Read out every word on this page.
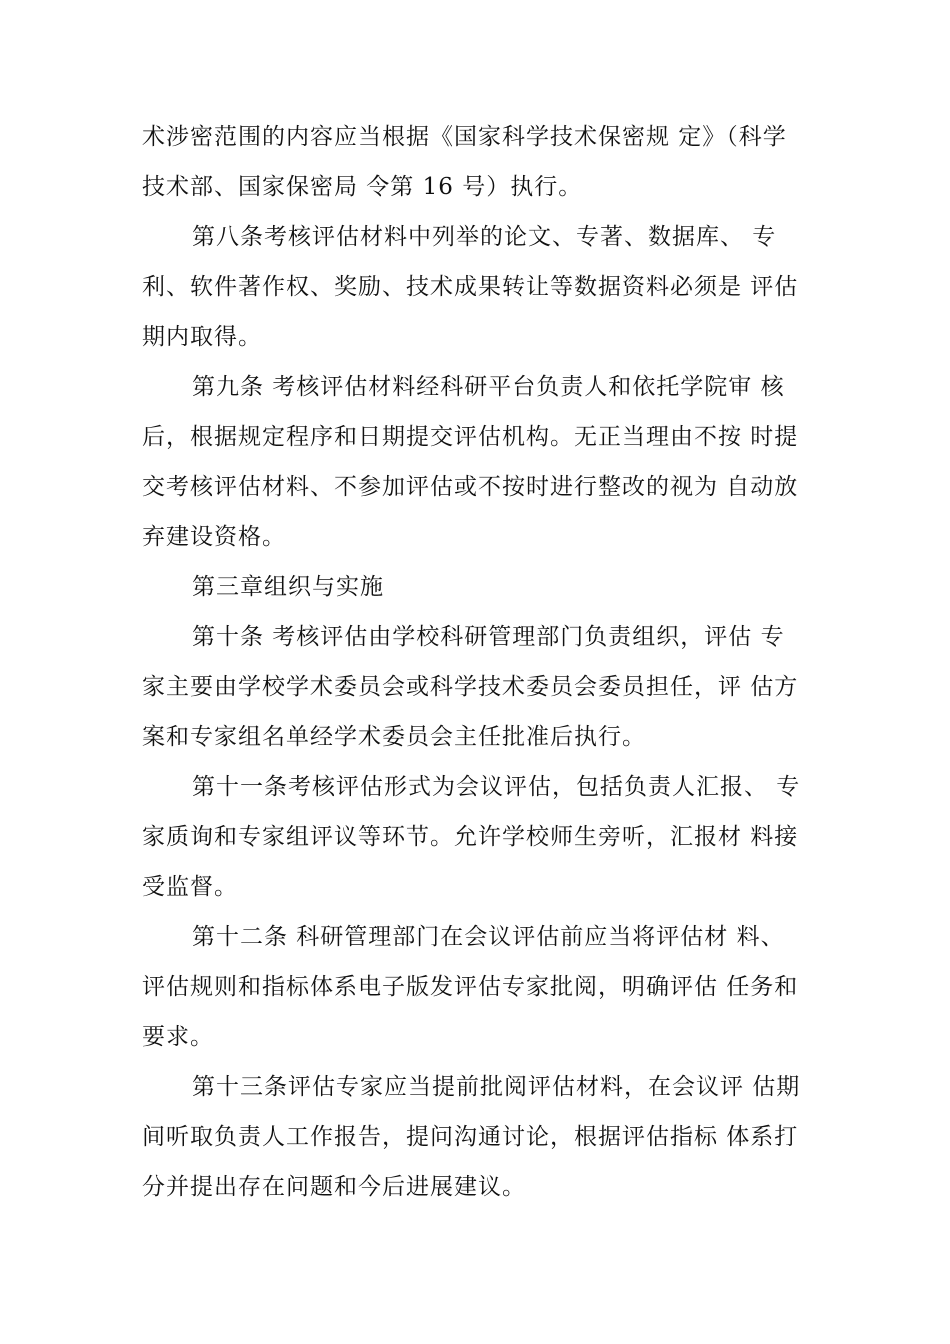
术涉密范围的内容应当根据《国家科学技术保密规 定》（科学
技术部、国家保密局 令第 16 号）执行。
第八条考核评估材料中列举的论文、专著、数据库、 专
利、软件著作权、奖励、技术成果转让等数据资料必须是 评估
期内取得。
第九条 考核评估材料经科研平台负责人和依托学院审 核
后，根据规定程序和日期提交评估机构。无正当理由不按 时提
交考核评估材料、不参加评估或不按时进行整改的视为 自动放
弃建设资格。
第三章组织与实施
第十条 考核评估由学校科研管理部门负责组织，评估 专
家主要由学校学术委员会或科学技术委员会委员担任，评 估方
案和专家组名单经学术委员会主任批准后执行。
第十一条考核评估形式为会议评估，包括负责人汇报、 专
家质询和专家组评议等环节。允许学校师生旁听，汇报材 料接
受监督。
第十二条 科研管理部门在会议评估前应当将评估材 料、
评估规则和指标体系电子版发评估专家批阅，明确评估 任务和
要求。
第十三条评估专家应当提前批阅评估材料，在会议评 估期
间听取负责人工作报告，提问沟通讨论，根据评估指标 体系打
分并提出存在问题和今后进展建议。
